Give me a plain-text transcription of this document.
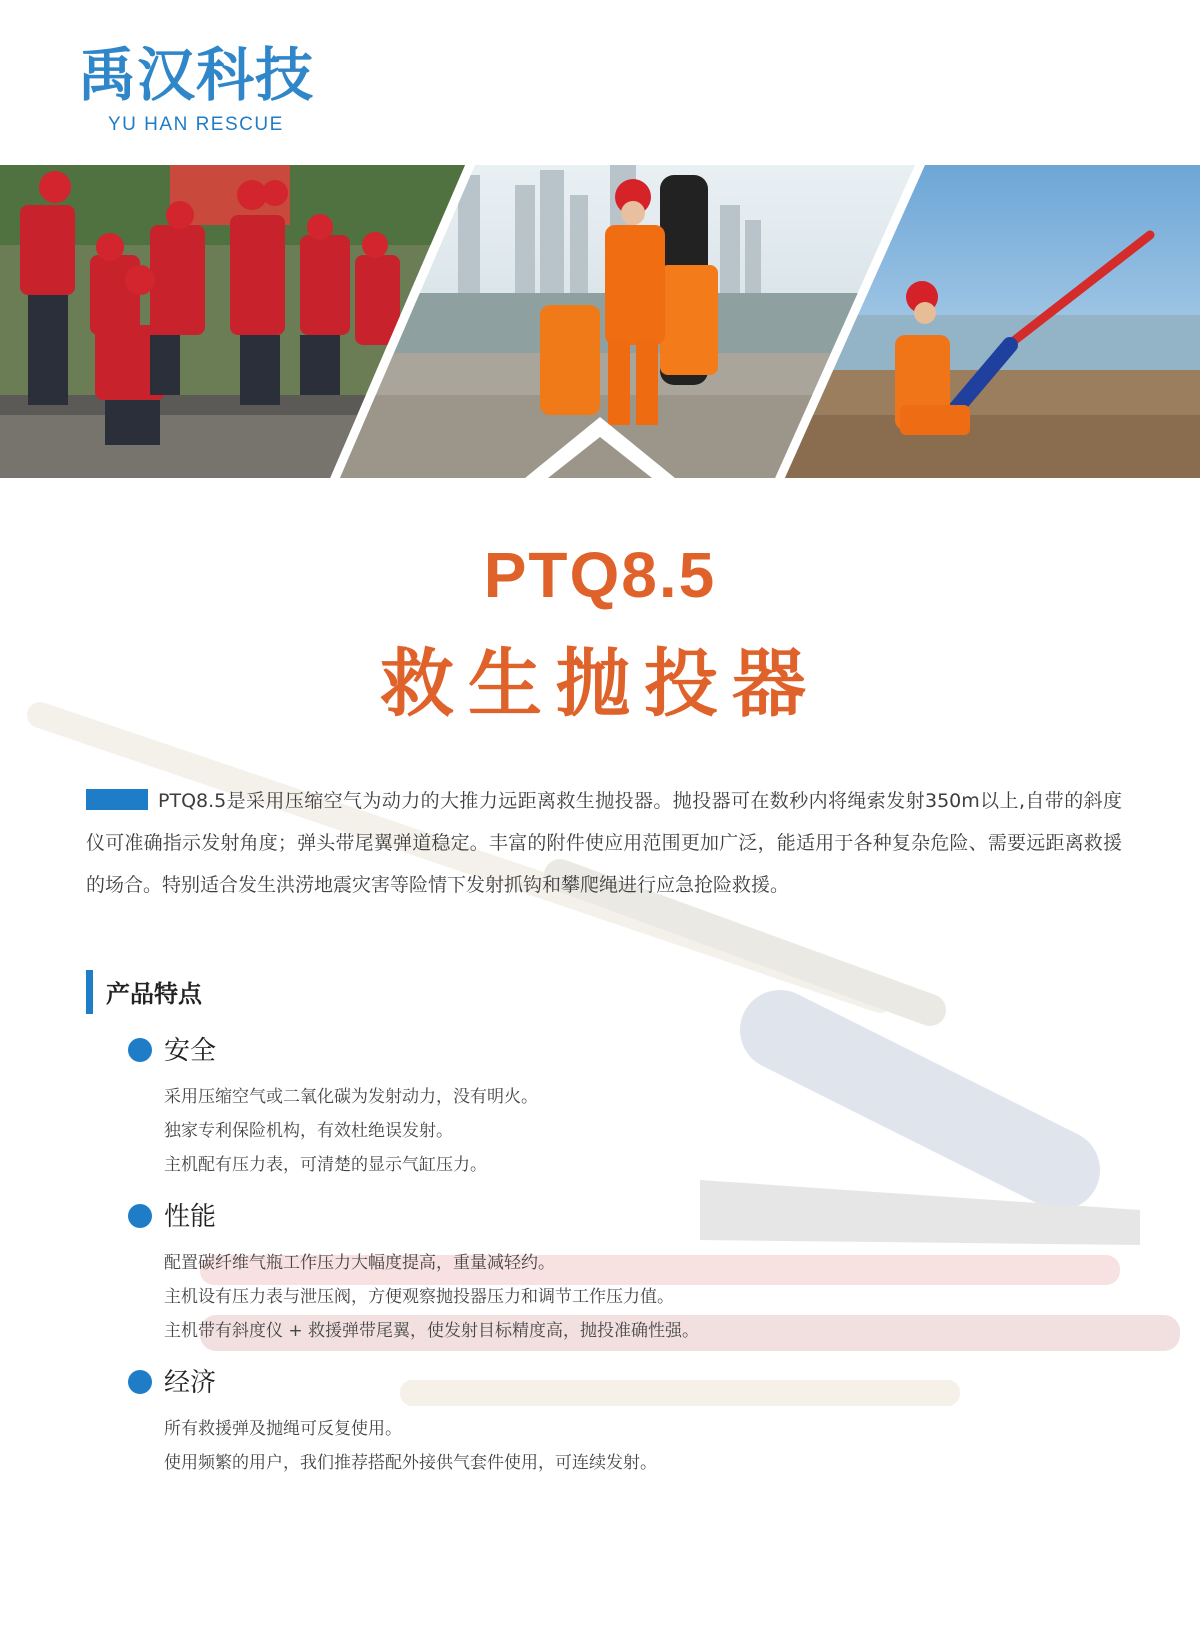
禹汉科技
YU HAN RESCUE
PTQ8.5
救生抛投器
PTQ8.5是采用压缩空气为动力的大推力远距离救生抛投器。抛投器可在数秒内将绳索发射350m以上,自带的斜度仪可准确指示发射角度；弹头带尾翼弹道稳定。丰富的附件使应用范围更加广泛，能适用于各种复杂危险、需要远距离救援的场合。特别适合发生洪涝地震灾害等险情下发射抓钩和攀爬绳进行应急抢险救援。
产品特点
安全
采用压缩空气或二氧化碳为发射动力，没有明火。
独家专利保险机构，有效杜绝误发射。
主机配有压力表，可清楚的显示气缸压力。
性能
配置碳纤维气瓶工作压力大幅度提高，重量减轻约。
主机设有压力表与泄压阀，方便观察抛投器压力和调节工作压力值。
主机带有斜度仪 + 救援弹带尾翼，使发射目标精度高，抛投准确性强。
经济
所有救援弹及抛绳可反复使用。
使用频繁的用户，我们推荐搭配外接供气套件使用，可连续发射。
